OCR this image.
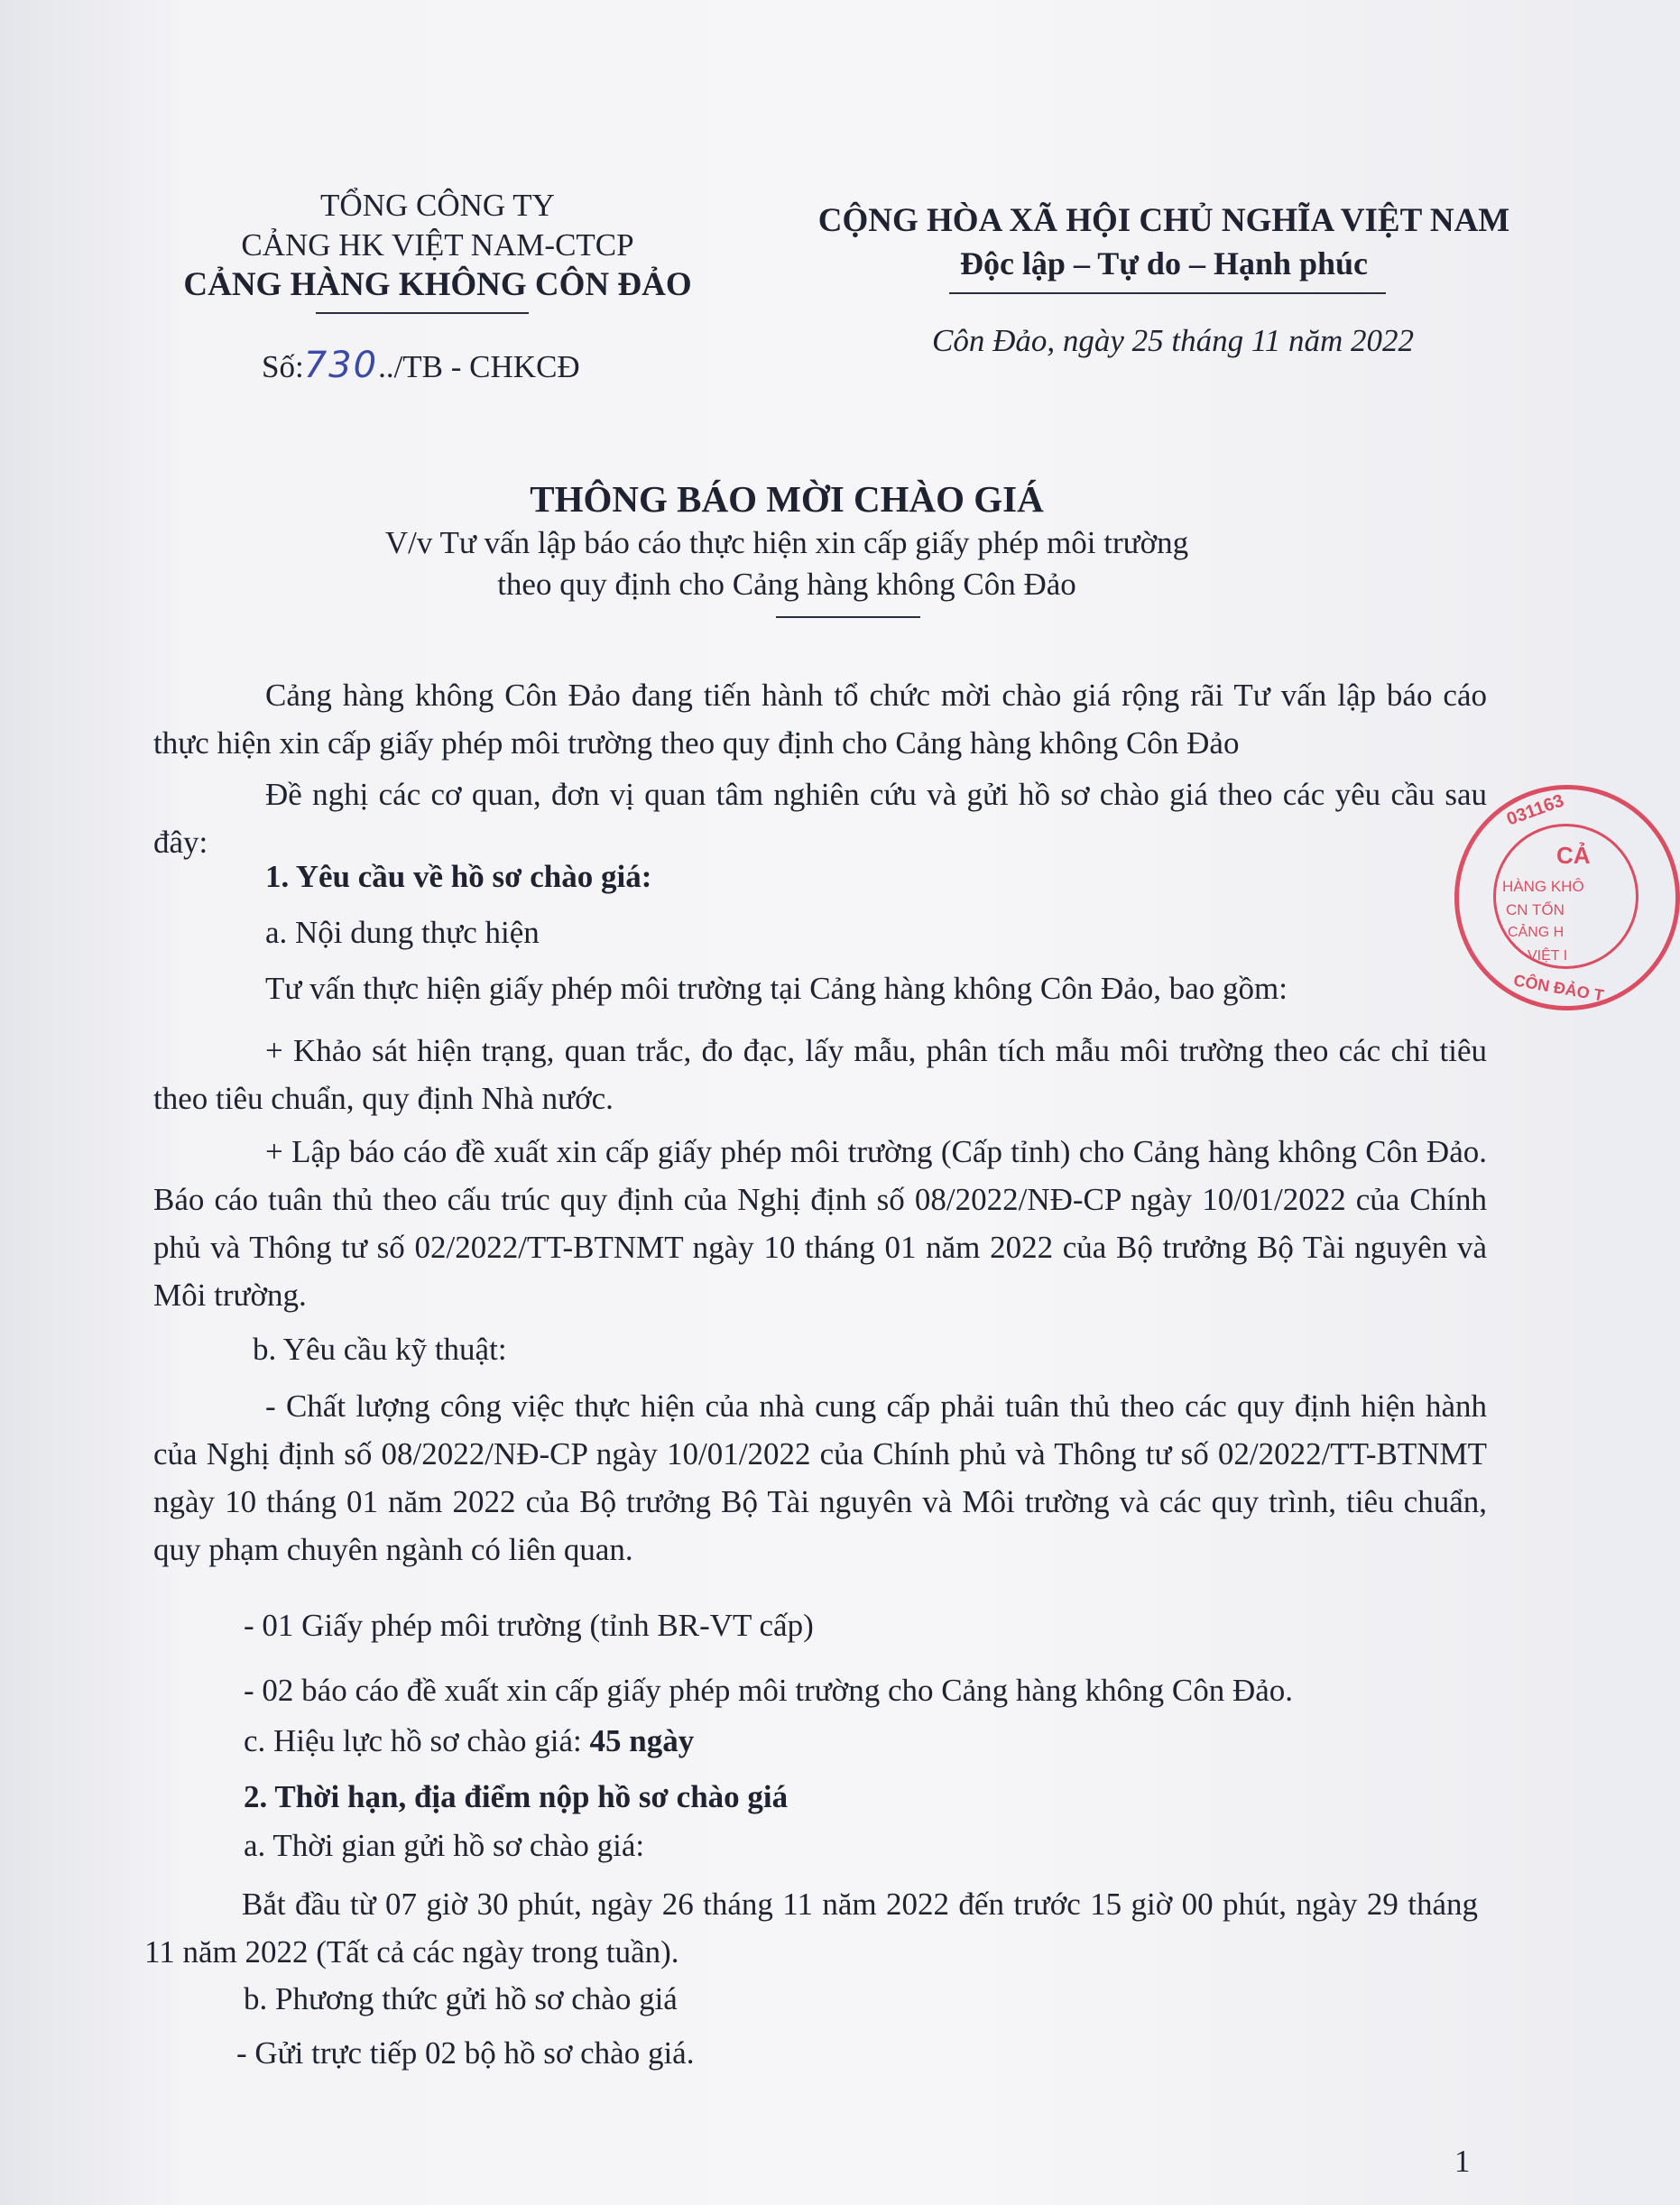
TỔNG CÔNG TY
CẢNG HK VIỆT NAM-CTCP
CẢNG HÀNG KHÔNG CÔN ĐẢO
Số:730../TB - CHKCĐ
CỘNG HÒA XÃ HỘI CHỦ NGHĨA VIỆT NAM
Độc lập – Tự do – Hạnh phúc
Côn Đảo, ngày 25 tháng 11 năm 2022
THÔNG BÁO MỜI CHÀO GIÁ
V/v Tư vấn lập báo cáo thực hiện xin cấp giấy phép môi trường
theo quy định cho Cảng hàng không Côn Đảo
Cảng hàng không Côn Đảo đang tiến hành tổ chức mời chào giá rộng rãi Tư vấn lập báo cáo thực hiện xin cấp giấy phép môi trường theo quy định cho Cảng hàng không Côn Đảo
Đề nghị các cơ quan, đơn vị quan tâm nghiên cứu và gửi hồ sơ chào giá theo các yêu cầu sau đây:
1. Yêu cầu về hồ sơ chào giá:
a. Nội dung thực hiện
Tư vấn thực hiện giấy phép môi trường tại Cảng hàng không Côn Đảo, bao gồm:
+ Khảo sát hiện trạng, quan trắc, đo đạc, lấy mẫu, phân tích mẫu môi trường theo các chỉ tiêu theo tiêu chuẩn, quy định Nhà nước.
+ Lập báo cáo đề xuất xin cấp giấy phép môi trường (Cấp tỉnh) cho Cảng hàng không Côn Đảo. Báo cáo tuân thủ theo cấu trúc quy định của Nghị định số 08/2022/NĐ-CP ngày 10/01/2022 của Chính phủ và Thông tư số 02/2022/TT-BTNMT ngày 10 tháng 01 năm 2022 của Bộ trưởng Bộ Tài nguyên và Môi trường.
b. Yêu cầu kỹ thuật:
- Chất lượng công việc thực hiện của nhà cung cấp phải tuân thủ theo các quy định hiện hành của Nghị định số 08/2022/NĐ-CP ngày 10/01/2022 của Chính phủ và Thông tư số 02/2022/TT-BTNMT ngày 10 tháng 01 năm 2022 của Bộ trưởng Bộ Tài nguyên và Môi trường và các quy trình, tiêu chuẩn, quy phạm chuyên ngành có liên quan.
- 01 Giấy phép môi trường (tỉnh BR-VT cấp)
- 02 báo cáo đề xuất xin cấp giấy phép môi trường cho Cảng hàng không Côn Đảo.
c. Hiệu lực hồ sơ chào giá: 45 ngày
2. Thời hạn, địa điểm nộp hồ sơ chào giá
a. Thời gian gửi hồ sơ chào giá:
Bắt đầu từ 07 giờ 30 phút, ngày 26 tháng 11 năm 2022 đến trước 15 giờ 00 phút, ngày 29 tháng 11 năm 2022 (Tất cả các ngày trong tuần).
b. Phương thức gửi hồ sơ chào giá
- Gửi trực tiếp 02 bộ hồ sơ chào giá.
1
031163
CẢ
HÀNG KHÔ
CN TỔN
CẢNG H
VIỆT I
CÔN ĐẢO T
